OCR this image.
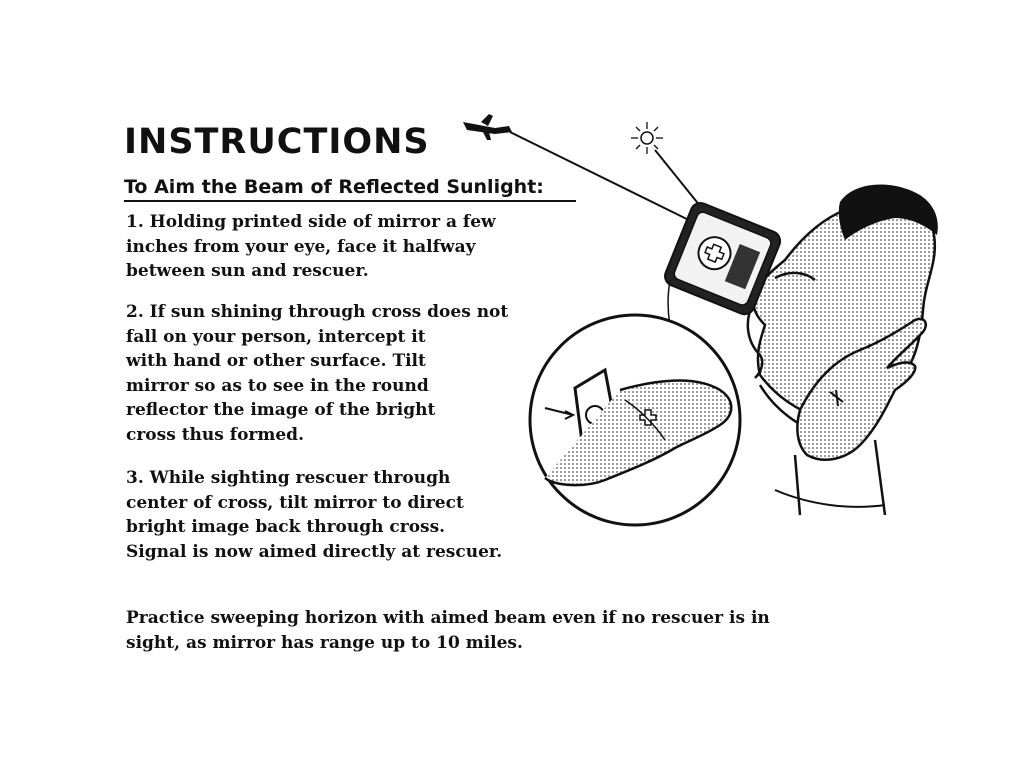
INSTRUCTIONS
To Aim the Beam of Reflected Sunlight:

1. Holding printed side of mirror a few
inches from your eye, face it halfway
between sun and rescuer.

2. If sun shining through cross does not
fall on your person, intercept it
with hand or other surface. Tilt
mirror so as to see in the round
reflector the image of the bright
cross thus formed.

3. While sighting rescuer through
center of cross, tilt mirror to direct
bright image back through cross.
Signal is now aimed directly at rescuer.

Practice sweeping horizon with aimed beam even if no rescuer is in
sight, as mirror has range up to 10 miles.
